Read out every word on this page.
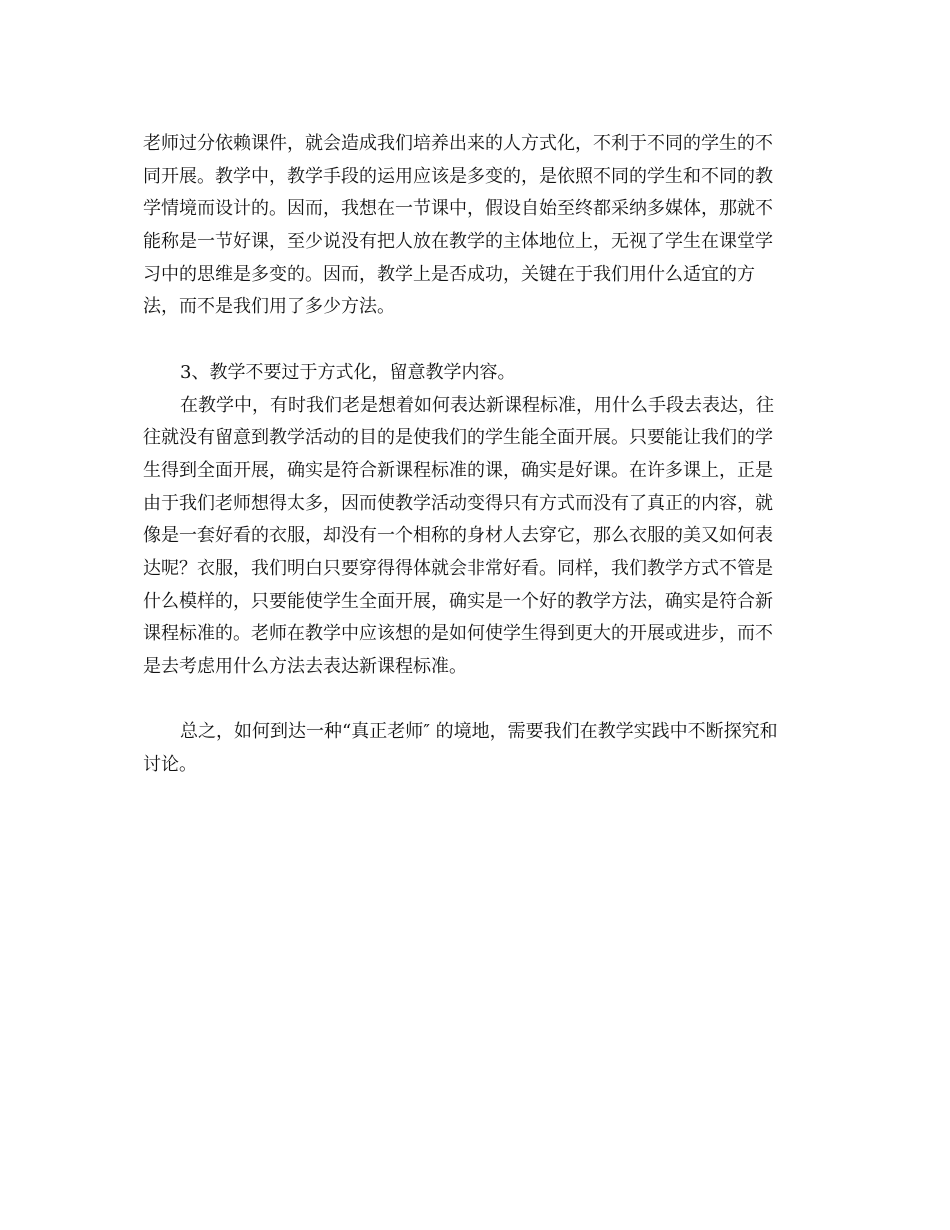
老师过分依赖课件，就会造成我们培养出来的人方式化，不利于不同的学生的不
同开展。教学中，教学手段的运用应该是多变的，是依照不同的学生和不同的教
学情境而设计的。因而，我想在一节课中，假设自始至终都采纳多媒体，那就不
能称是一节好课，至少说没有把人放在教学的主体地位上，无视了学生在课堂学
习中的思维是多变的。因而，教学上是否成功，关键在于我们用什么适宜的方
法，而不是我们用了多少方法。
3、教学不要过于方式化，留意教学内容。
在教学中，有时我们老是想着如何表达新课程标准，用什么手段去表达，往
往就没有留意到教学活动的目的是使我们的学生能全面开展。只要能让我们的学
生得到全面开展，确实是符合新课程标准的课，确实是好课。在许多课上，正是
由于我们老师想得太多，因而使教学活动变得只有方式而没有了真正的内容，就
像是一套好看的衣服，却没有一个相称的身材人去穿它，那么衣服的美又如何表
达呢？衣服，我们明白只要穿得得体就会非常好看。同样，我们教学方式不管是
什么模样的，只要能使学生全面开展，确实是一个好的教学方法，确实是符合新
课程标准的。老师在教学中应该想的是如何使学生得到更大的开展或进步，而不
是去考虑用什么方法去表达新课程标准。
总之，如何到达一种“真正老师″ 的境地，需要我们在教学实践中不断探究和
讨论。
